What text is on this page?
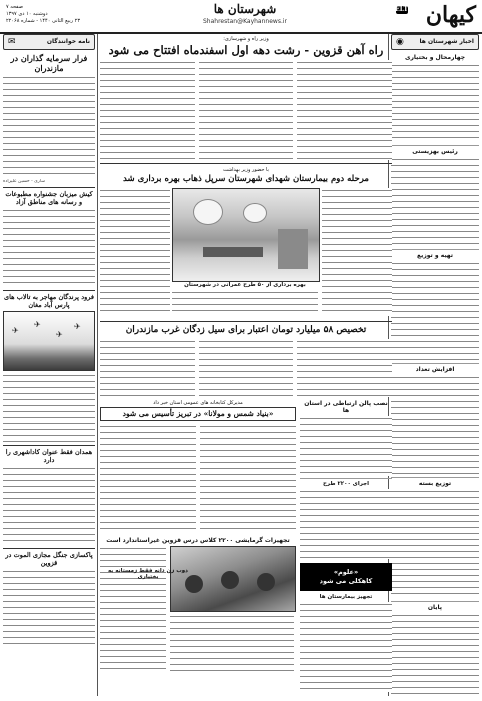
ELT کیهان
شهرستان ها
Shahrestan@Kayhannews.ir
صفحه ۷
دوشنبه ۱۰ دی ۱۳۹۷
۲۳ ربیع الثانی ۱۴۴۰ - شماره ۲۲۰۶۸
اخبار شهرستان ها
◉
چهارمحال و بختیاری
رئیس بهزیستی
تهیه و توزیع
افزایش تعداد
توزیع بسته
پایان
وزیر راه و شهرسازی:
راه آهن قزوین - رشت دهه اول اسفندماه افتتاح می شود
با حضور وزیر بهداشت
مرحله دوم بیمارستان شهدای شهرستان سرپل ذهاب بهره برداری شد
بهره برداری از ۵۰ طرح عمرانی در شهرستان
تخصیص ۵۸ میلیارد تومان اعتبار برای سیل زدگان غرب مازندران
نصب پالن ارتباطی در استان ها
اجرای ۲۲۰۰ طرح
«علوم»
کاهکلی می شود
تجهیز بیمارستان ها
مدیرکل کتابخانه های عمومی استان خبر داد
«بنیاد شمس و مولانا» در تبریز تأسیس می شود
تجهیزات گرمایشی ۲۲۰۰ کلاس درس قزوین غیراستاندارد است
نامه خوانندگان
✉
فرار سرمایه گذاران در مازندران
ساری - حسین علیزاده
کیش میزبان جشنواره مطبوعات و رسانه های مناطق آزاد
فرود پرندگان مهاجر به تالاب های پارس آباد مغان
✈
✈
✈
✈
همدان فقط عنوان کاداشهری را دارد
پاکسازی جنگل مجازی الموت در قزوین
ذوب زن دانه فقط زمستانه به بختیاری
